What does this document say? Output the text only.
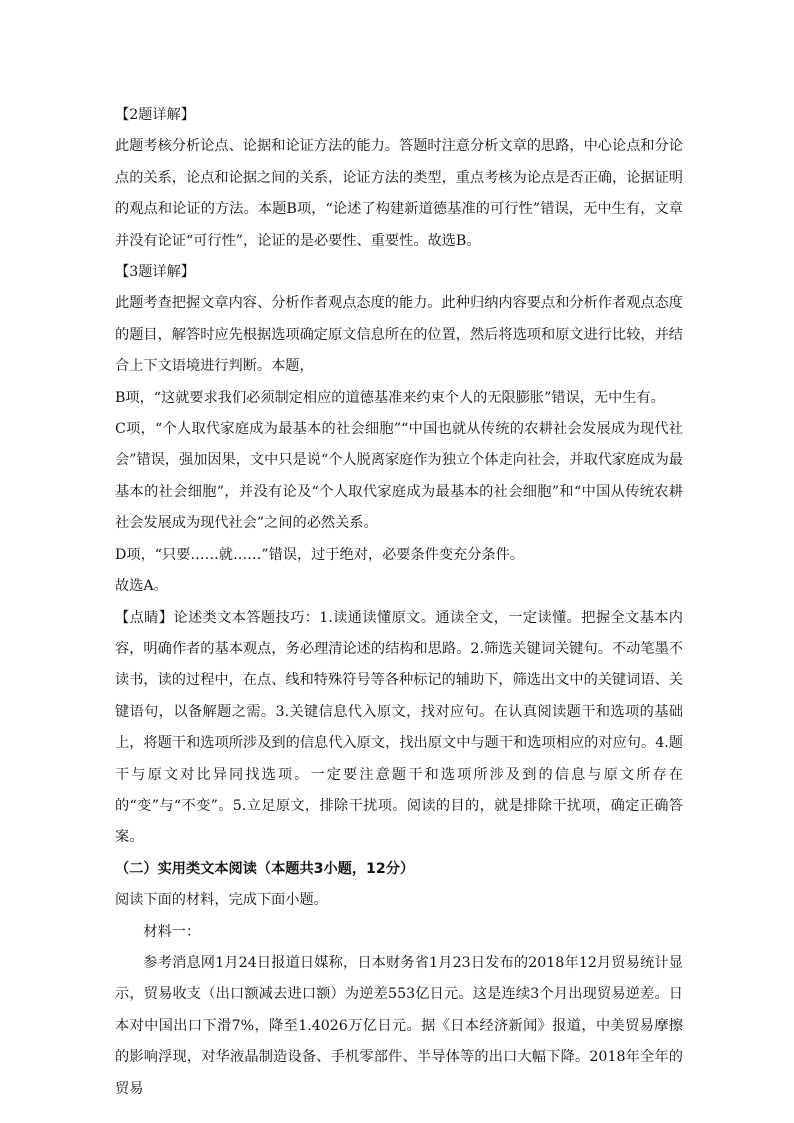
【2题详解】

此题考核分析论点、论据和论证方法的能力。答题时注意分析文章的思路，中心论点和分论点的关系，论点和论据之间的关系，论证方法的类型，重点考核为论点是否正确，论据证明的观点和论证的方法。本题B项，“论述了构建新道德基准的可行性”错误，无中生有，文章并没有论证“可行性”，论证的是必要性、重要性。故选B。

【3题详解】

此题考查把握文章内容、分析作者观点态度的能力。此种归纳内容要点和分析作者观点态度的题目，解答时应先根据选项确定原文信息所在的位置，然后将选项和原文进行比较，并结合上下文语境进行判断。本题，

B项，“这就要求我们必须制定相应的道德基准来约束个人的无限膨胀”错误，无中生有。

C项，“个人取代家庭成为最基本的社会细胞”“中国也就从传统的农耕社会发展成为现代社会”错误，强加因果，文中只是说“个人脱离家庭作为独立个体走向社会，并取代家庭成为最基本的社会细胞”，并没有论及“个人取代家庭成为最基本的社会细胞”和“中国从传统农耕社会发展成为现代社会”之间的必然关系。

D项，“只要……就……”错误，过于绝对，必要条件变充分条件。

故选A。

【点睛】论述类文本答题技巧：1.读通读懂原文。通读全文，一定读懂。把握全文基本内容，明确作者的基本观点，务必理清论述的结构和思路。2.筛选关键词关键句。不动笔墨不读书，读的过程中，在点、线和特殊符号等各种标记的辅助下，筛选出文中的关键词语、关键语句，以备解题之需。3.关键信息代入原文，找对应句。在认真阅读题干和选项的基础上，将题干和选项所涉及到的信息代入原文，找出原文中与题干和选项相应的对应句。4.题干与原文对比异同找选项。一定要注意题干和选项所涉及到的信息与原文所存在的“变”与“不变”。5.立足原文，排除干扰项。阅读的目的，就是排除干扰项，确定正确答案。

（二）实用类文本阅读（本题共3小题，12分）

阅读下面的材料，完成下面小题。

材料一：

参考消息网1月24日报道日媒称，日本财务省1月23日发布的2018年12月贸易统计显示，贸易收支（出口额减去进口额）为逆差553亿日元。这是连续3个月出现贸易逆差。日本对中国出口下滑7%，降至1.4026万亿日元。据《日本经济新闻》报道，中美贸易摩擦的影响浮现，对华液晶制造设备、手机零部件、半导体等的出口大幅下降。2018年全年的贸易
